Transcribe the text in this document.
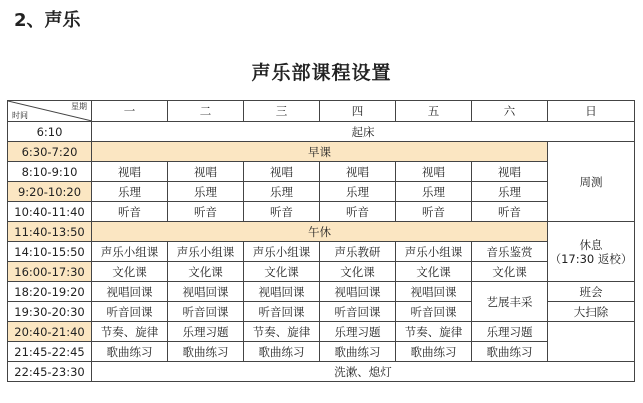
2、声乐
声乐部课程设置
星期
时间	一	二	三	四	五	六	日
6:10	起床						
6:30-7:20	早课						周测
8:10-9:10	视唱	视唱	视唱	视唱	视唱	视唱	
9:20-10:20	乐理	乐理	乐理	乐理	乐理	乐理	
10:40-11:40	听音	听音	听音	听音	听音	听音	
11:40-13:50	午休						休息
（17:30 返校）

14:10-15:50	声乐小组课	声乐小组课	声乐小组课	声乐教研	声乐小组课	音乐鉴赏	
16:00-17:30	文化课	文化课	文化课	文化课	文化课	文化课	
18:20-19:20	视唱回课	视唱回课	视唱回课	视唱回课	视唱回课	艺展丰采	班会
19:30-20:30	听音回课	听音回课	听音回课	听音回课	听音回课		大扫除
20:40-21:40	节奏、旋律	乐理习题	节奏、旋律	乐理习题	节奏、旋律	乐理习题	
21:45-22:45	歌曲练习	歌曲练习	歌曲练习	歌曲练习	歌曲练习	歌曲练习	
22:45-23:30	洗漱、熄灯						
